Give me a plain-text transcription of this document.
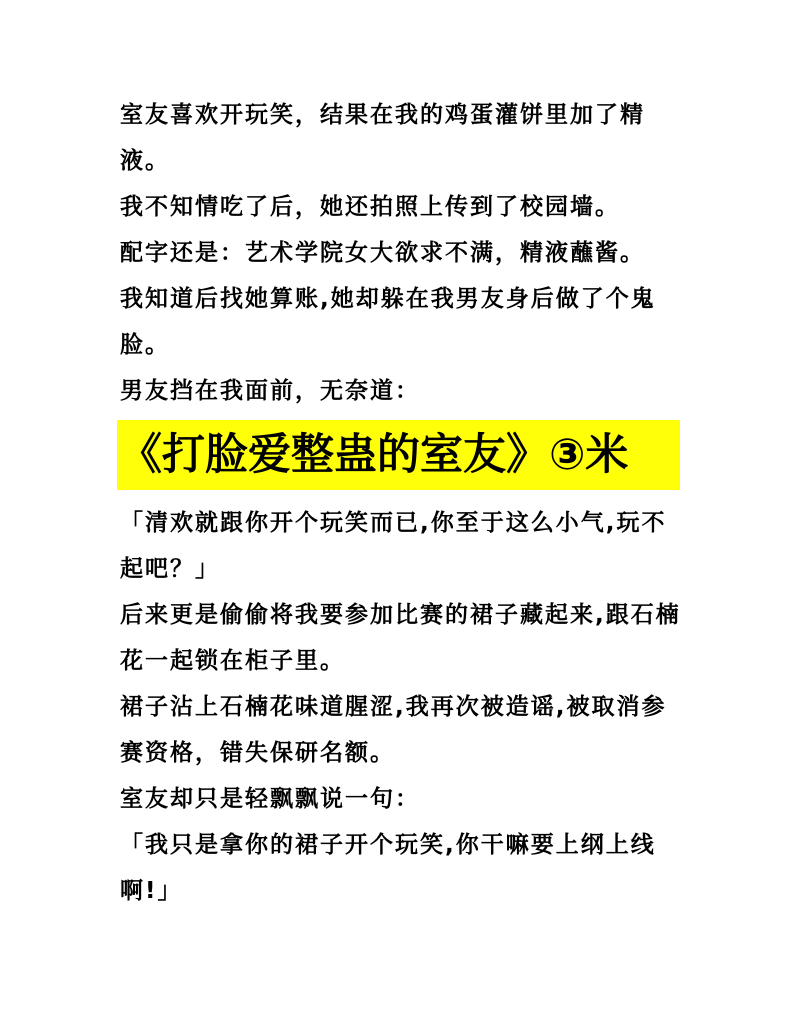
室友喜欢开玩笑，结果在我的鸡蛋灌饼里加了精液。

我不知情吃了后，她还拍照上传到了校园墙。

配字还是：艺术学院女大欲求不满，精液蘸酱。

我知道后找她算账,她却躲在我男友身后做了个鬼脸。

男友挡在我面前，无奈道：

《打脸爱整蛊的室友》③米

「清欢就跟你开个玩笑而已,你至于这么小气,玩不起吧？」

后来更是偷偷将我要参加比赛的裙子藏起来,跟石楠花一起锁在柜子里。

裙子沾上石楠花味道腥涩,我再次被造谣,被取消参赛资格，错失保研名额。

室友却只是轻飘飘说一句：

「我只是拿你的裙子开个玩笑,你干嘛要上纲上线啊!」
